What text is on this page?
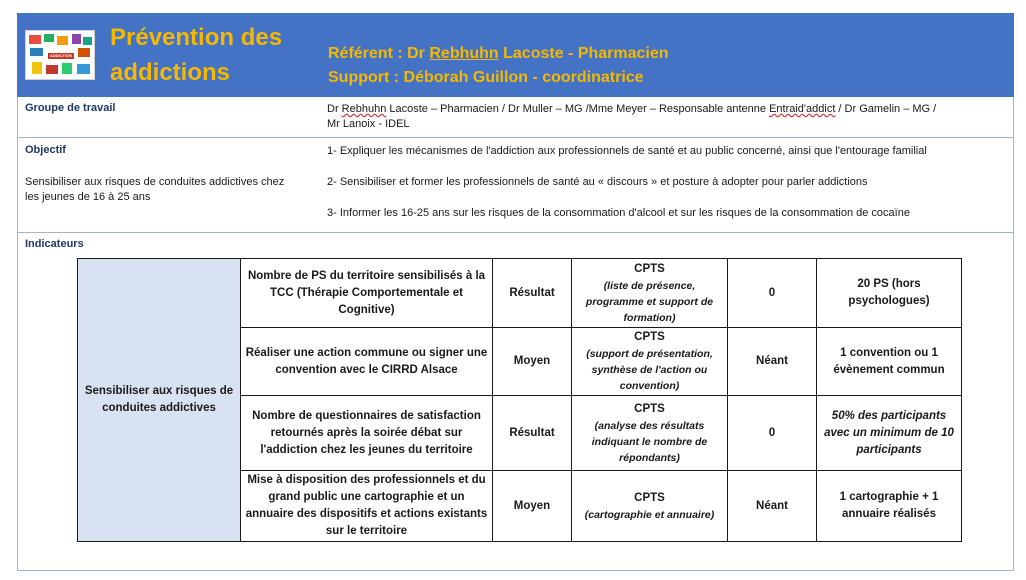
ADDICTION
Prévention des
addictions
Référent : Dr Rebhuhn Lacoste - Pharmacien
Support : Déborah Guillon - coordinatrice
Groupe de travail	Dr Rebhuhn Lacoste – Pharmacien / Dr Muller – MG /Mme Meyer – Responsable antenne Entraid'addict / Dr Gamelin – MG /
Mr Lanoix - IDEL
Objectif
Sensibiliser aux risques de conduites addictives chez les jeunes de 16 à 25 ans
1- Expliquer les mécanismes de l'addiction aux professionnels de santé et au public concerné, ainsi que l'entourage familial
2- Sensibiliser et former les professionnels de santé au « discours » et posture à adopter pour parler addictions
3- Informer les 16-25 ans sur les risques de la consommation d'alcool et sur les risques de la consommation de cocaïne
Indicateurs
Sensibiliser aux risques de conduites addictives	Nombre de PS du territoire sensibilisés à la TCC (Thérapie Comportementale et Cognitive)	Résultat	CPTS
(liste de présence, programme et support de formation)	0	20 PS (hors psychologues)
	Réaliser une action commune ou signer une convention avec le CIRRD Alsace	Moyen	CPTS
(support de présentation, synthèse de l'action ou convention)	Néant	1 convention ou 1 évènement commun
	Nombre de questionnaires de satisfaction retournés après la soirée débat sur l'addiction chez les jeunes du territoire	Résultat	CPTS
(analyse des résultats indiquant le nombre de répondants)	0	50% des participants avec un minimum de 10 participants
	Mise à disposition des professionnels et du grand public une cartographie et un annuaire des dispositifs et actions existants sur le territoire	Moyen	CPTS
(cartographie et annuaire)	Néant	1 cartographie + 1 annuaire réalisés
